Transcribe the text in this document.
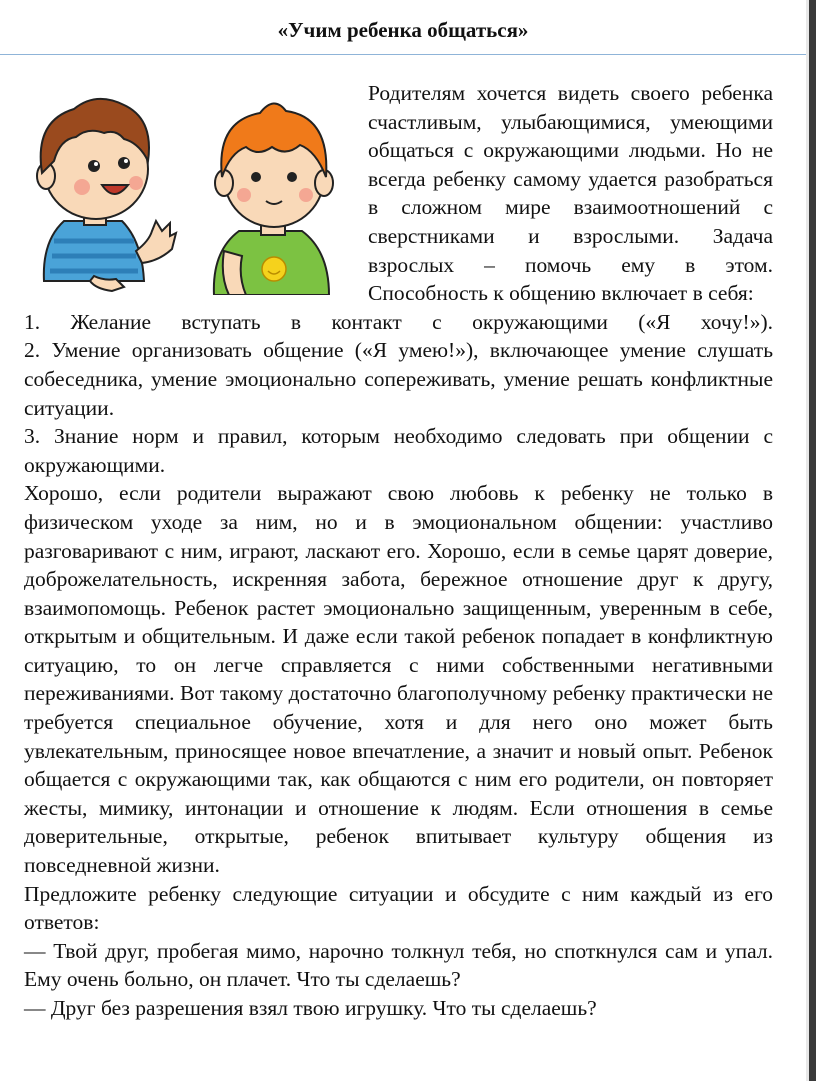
«Учим ребенка общаться»

Родителям хочется видеть своего ребенка счастливым, улыбающимися, умеющими общаться с окружающими людьми. Но не всегда ребенку самому удается разобраться в сложном мире взаимоотношений с сверстниками и взрослыми. Задача взрослых – помочь ему в этом. Способность к общению включает в себя:

1. Желание вступать в контакт с окружающими («Я хочу!»).

2. Умение организовать общение («Я умею!»), включающее умение слушать собеседника, умение эмоционально сопереживать, умение решать конфликтные ситуации.

3. Знание норм и правил, которым необходимо следовать при общении с окружающими.

Хорошо, если родители выражают свою любовь к ребенку не только в физическом уходе за ним, но и в эмоциональном общении: участливо разговаривают с ним, играют, ласкают его. Хорошо, если в семье царят доверие, доброжелательность, искренняя забота, бережное отношение друг к другу, взаимопомощь. Ребенок растет эмоционально защищенным, уверенным в себе, открытым и общительным. И даже если такой ребенок попадает в конфликтную ситуацию, то он легче справляется с ними собственными негативными переживаниями. Вот такому достаточно благополучному ребенку практически не требуется специальное обучение, хотя и для него оно может быть увлекательным, приносящее новое впечатление, а значит и новый опыт. Ребенок общается с окружающими так, как общаются с ним его родители, он повторяет жесты, мимику, интонации и отношение к людям. Если отношения в семье доверительные, открытые, ребенок впитывает культуру общения из повседневной жизни.

Предложите ребенку следующие ситуации и обсудите с ним каждый из его ответов:

— Твой друг, пробегая мимо, нарочно толкнул тебя, но споткнулся сам и упал. Ему очень больно, он плачет. Что ты сделаешь?

— Друг без разрешения взял твою игрушку. Что ты сделаешь?
